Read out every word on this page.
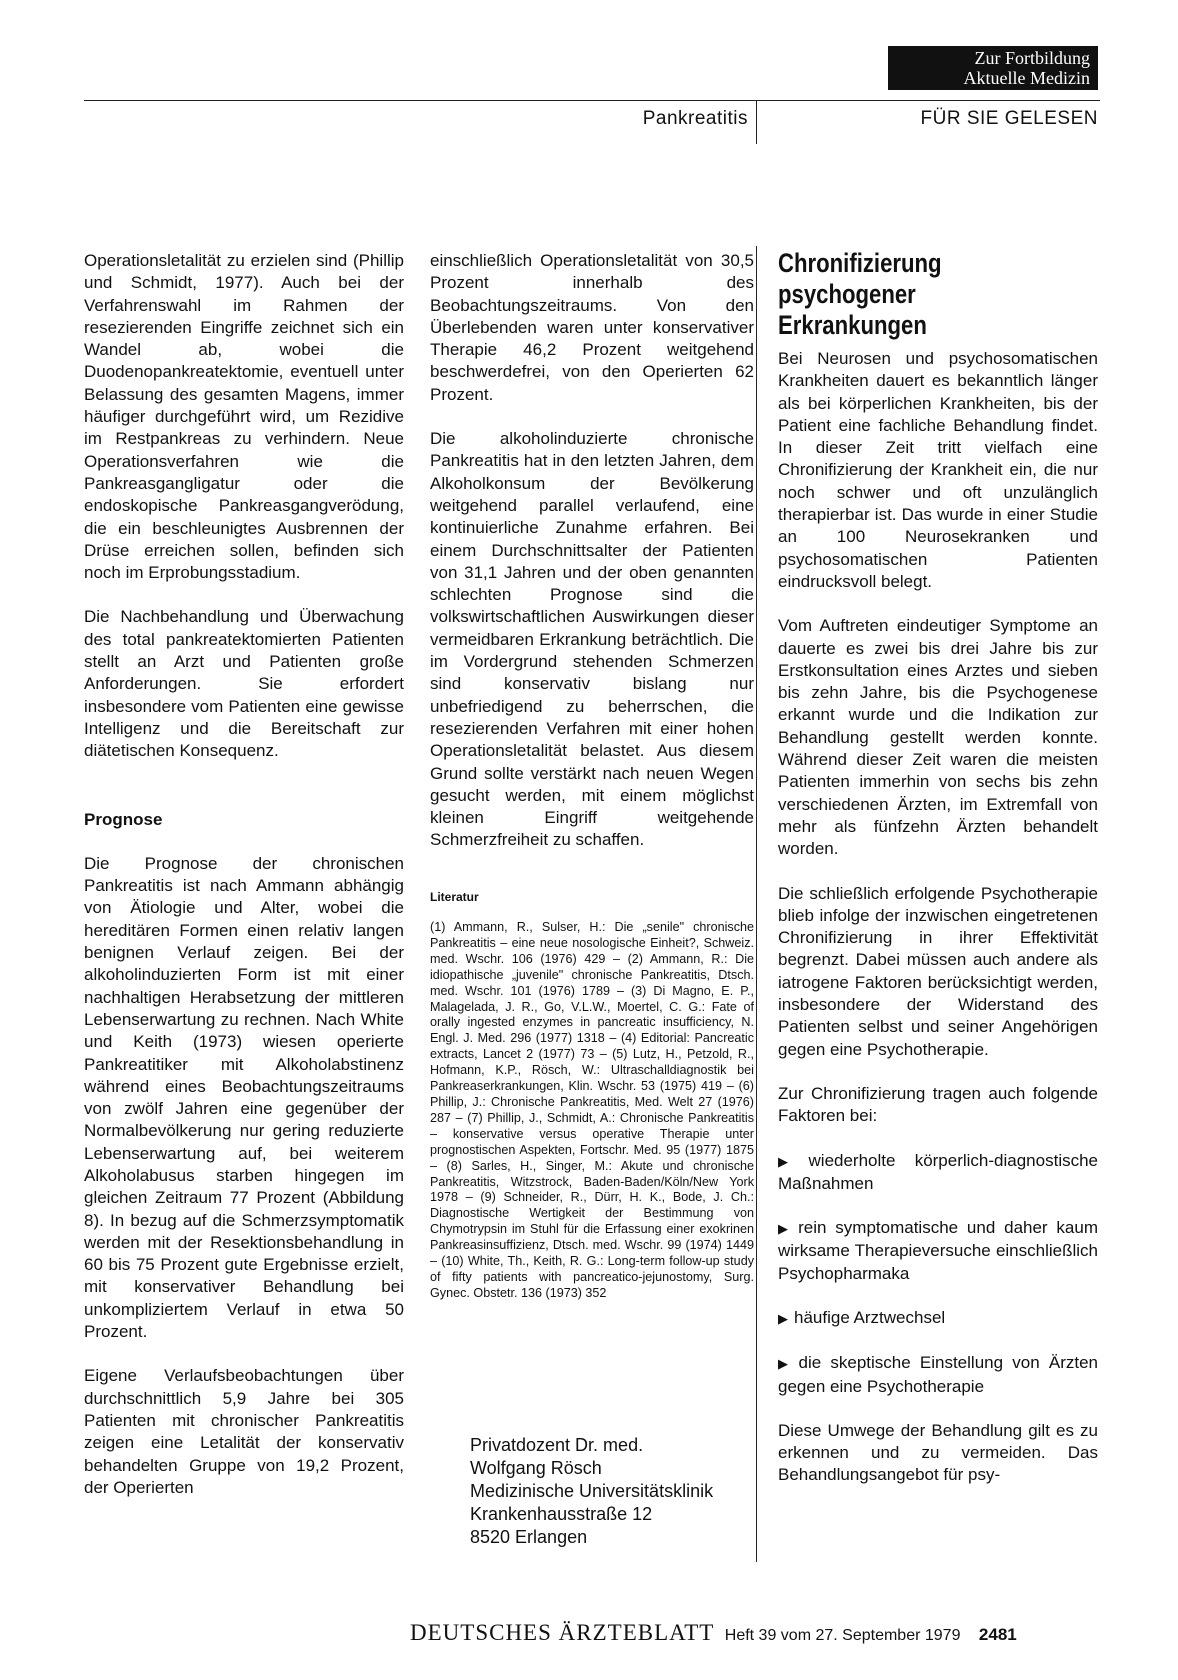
Zur Fortbildung
Aktuelle Medizin
Pankreatitis	FÜR SIE GELESEN

Operationsletalität zu erzielen sind (Phillip und Schmidt, 1977). Auch bei der Verfahrenswahl im Rahmen der resezierenden Eingriffe zeichnet sich ein Wandel ab, wobei die Duodenopankreatektomie, eventuell unter Belassung des gesamten Magens, immer häufiger durchgeführt wird, um Rezidive im Restpankreas zu verhindern. Neue Operationsverfahren wie die Pankreasgangligatur oder die endoskopische Pankreasgangverödung, die ein beschleunigtes Ausbrennen der Drüse erreichen sollen, befinden sich noch im Erprobungsstadium.

Die Nachbehandlung und Überwachung des total pankreatektomierten Patienten stellt an Arzt und Patienten große Anforderungen. Sie erfordert insbesondere vom Patienten eine gewisse Intelligenz und die Bereitschaft zur diätetischen Konsequenz.

Prognose

Die Prognose der chronischen Pankreatitis ist nach Ammann abhängig von Ätiologie und Alter, wobei die hereditären Formen einen relativ langen benignen Verlauf zeigen. Bei der alkoholinduzierten Form ist mit einer nachhaltigen Herabsetzung der mittleren Lebenserwartung zu rechnen. Nach White und Keith (1973) wiesen operierte Pankreatitiker mit Alkoholabstinenz während eines Beobachtungszeitraums von zwölf Jahren eine gegenüber der Normalbevölkerung nur gering reduzierte Lebenserwartung auf, bei weiterem Alkoholabusus starben hingegen im gleichen Zeitraum 77 Prozent (Abbildung 8). In bezug auf die Schmerzsymptomatik werden mit der Resektionsbehandlung in 60 bis 75 Prozent gute Ergebnisse erzielt, mit konservativer Behandlung bei unkompliziertem Verlauf in etwa 50 Prozent.

Eigene Verlaufsbeobachtungen über durchschnittlich 5,9 Jahre bei 305 Patienten mit chronischer Pankreatitis zeigen eine Letalität der konservativ behandelten Gruppe von 19,2 Prozent, der Operierten

einschließlich Operationsletalität von 30,5 Prozent innerhalb des Beobachtungszeitraums. Von den Überlebenden waren unter konservativer Therapie 46,2 Prozent weitgehend beschwerdefrei, von den Operierten 62 Prozent.

Die alkoholinduzierte chronische Pankreatitis hat in den letzten Jahren, dem Alkoholkonsum der Bevölkerung weitgehend parallel verlaufend, eine kontinuierliche Zunahme erfahren. Bei einem Durchschnittsalter der Patienten von 31,1 Jahren und der oben genannten schlechten Prognose sind die volkswirtschaftlichen Auswirkungen dieser vermeidbaren Erkrankung beträchtlich. Die im Vordergrund stehenden Schmerzen sind konservativ bislang nur unbefriedigend zu beherrschen, die resezierenden Verfahren mit einer hohen Operationsletalität belastet. Aus diesem Grund sollte verstärkt nach neuen Wegen gesucht werden, mit einem möglichst kleinen Eingriff weitgehende Schmerzfreiheit zu schaffen.

Literatur
(1) Ammann, R., Sulser, H.: Die „senile" chronische Pankreatitis – eine neue nosologische Einheit?, Schweiz. med. Wschr. 106 (1976) 429 – (2) Ammann, R.: Die idiopathische „juvenile" chronische Pankreatitis, Dtsch. med. Wschr. 101 (1976) 1789 – (3) Di Magno, E. P., Malagelada, J. R., Go, V.L.W., Moertel, C. G.: Fate of orally ingested enzymes in pancreatic insufficiency, N. Engl. J. Med. 296 (1977) 1318 – (4) Editorial: Pancreatic extracts, Lancet 2 (1977) 73 – (5) Lutz, H., Petzold, R., Hofmann, K.P., Rösch, W.: Ultraschalldiagnostik bei Pankreaserkrankungen, Klin. Wschr. 53 (1975) 419 – (6) Phillip, J.: Chronische Pankreatitis, Med. Welt 27 (1976) 287 – (7) Phillip, J., Schmidt, A.: Chronische Pankreatitis – konservative versus operative Therapie unter prognostischen Aspekten, Fortschr. Med. 95 (1977) 1875 – (8) Sarles, H., Singer, M.: Akute und chronische Pankreatitis, Witzstrock, Baden-Baden/Köln/New York 1978 – (9) Schneider, R., Dürr, H. K., Bode, J. Ch.: Diagnostische Wertigkeit der Bestimmung von Chymotrypsin im Stuhl für die Erfassung einer exokrinen Pankreasinsuffizienz, Dtsch. med. Wschr. 99 (1974) 1449 – (10) White, Th., Keith, R. G.: Long-term follow-up study of fifty patients with pancreatico-jejunostomy, Surg. Gynec. Obstetr. 136 (1973) 352
Privatdozent Dr. med.
Wolfgang Rösch
Medizinische Universitätsklinik
Krankenhausstraße 12
8520 Erlangen
Chronifizierung psychogener Erkrankungen

Bei Neurosen und psychosomatischen Krankheiten dauert es bekanntlich länger als bei körperlichen Krankheiten, bis der Patient eine fachliche Behandlung findet. In dieser Zeit tritt vielfach eine Chronifizierung der Krankheit ein, die nur noch schwer und oft unzulänglich therapierbar ist. Das wurde in einer Studie an 100 Neurosekranken und psychosomatischen Patienten eindrucksvoll belegt.

Vom Auftreten eindeutiger Symptome an dauerte es zwei bis drei Jahre bis zur Erstkonsultation eines Arztes und sieben bis zehn Jahre, bis die Psychogenese erkannt wurde und die Indikation zur Behandlung gestellt werden konnte. Während dieser Zeit waren die meisten Patienten immerhin von sechs bis zehn verschiedenen Ärzten, im Extremfall von mehr als fünfzehn Ärzten behandelt worden.

Die schließlich erfolgende Psychotherapie blieb infolge der inzwischen eingetretenen Chronifizierung in ihrer Effektivität begrenzt. Dabei müssen auch andere als iatrogene Faktoren berücksichtigt werden, insbesondere der Widerstand des Patienten selbst und seiner Angehörigen gegen eine Psychotherapie.

Zur Chronifizierung tragen auch folgende Faktoren bei:

▶ wiederholte körperlich-diagnostische Maßnahmen
▶ rein symptomatische und daher kaum wirksame Therapieversuche einschließlich Psychopharmaka
▶ häufige Arztwechsel
▶ die skeptische Einstellung von Ärzten gegen eine Psychotherapie

Diese Umwege der Behandlung gilt es zu erkennen und zu vermeiden. Das Behandlungsangebot für psy-

DEUTSCHES ÄRZTEBLATT Heft 39 vom 27. September 1979 2481
